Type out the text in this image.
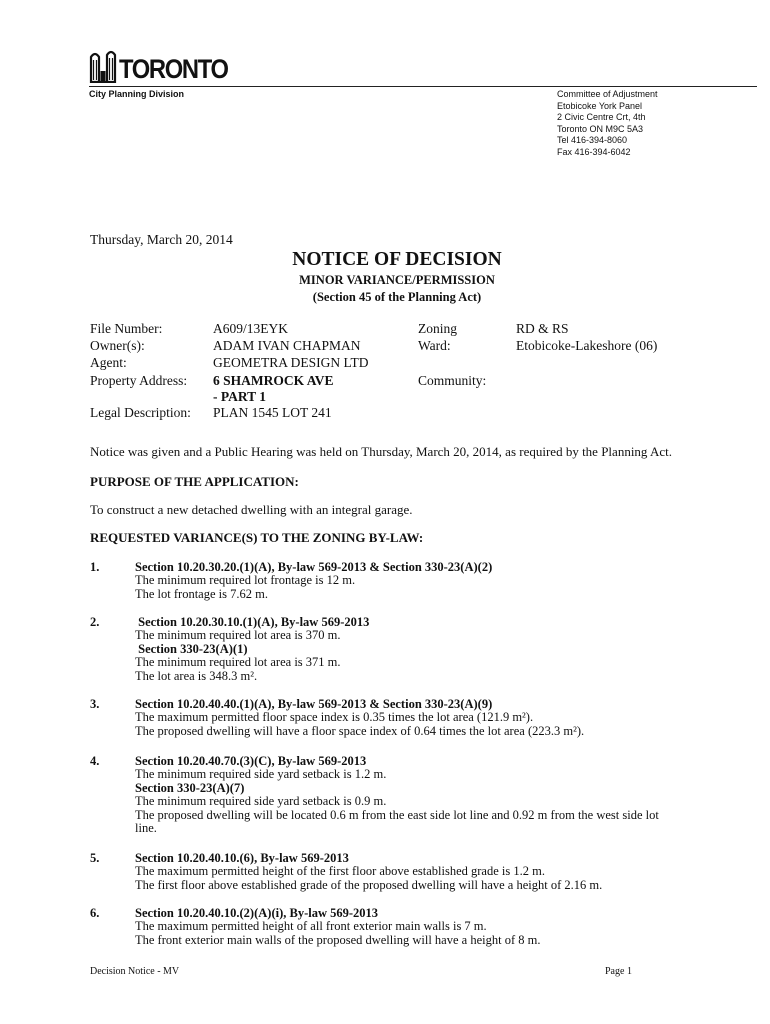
TORONTO
City Planning Division	Committee of Adjustment
Etobicoke York Panel
2 Civic Centre Crt, 4th
Toronto ON M9C 5A3
Tel 416-394-8060
Fax 416-394-6042
Thursday, March 20, 2014
NOTICE OF DECISION
MINOR VARIANCE/PERMISSION
(Section 45 of the Planning Act)
File Number:	A609/13EYK	Zoning	RD & RS
Owner(s):	ADAM IVAN CHAPMAN	Ward:	Etobicoke-Lakeshore (06)
Agent:	GEOMETRA DESIGN LTD
Property Address: 6 SHAMROCK AVE
- PART 1
Community:
Legal Description: PLAN 1545 LOT 241
Notice was given and a Public Hearing was held on Thursday, March 20, 2014, as required by the Planning Act.
PURPOSE OF THE APPLICATION:
To construct a new detached dwelling with an integral garage.
REQUESTED VARIANCE(S) TO THE ZONING BY-LAW:
1.	Section 10.20.30.20.(1)(A), By-law 569-2013 & Section 330-23(A)(2)
The minimum required lot frontage is 12 m.
The lot frontage is 7.62 m.
2.	Section 10.20.30.10.(1)(A), By-law 569-2013
The minimum required lot area is 370 m.
Section 330-23(A)(1)
The minimum required lot area is 371 m.
The lot area is 348.3 m².
3.	Section 10.20.40.40.(1)(A), By-law 569-2013 & Section 330-23(A)(9)
The maximum permitted floor space index is 0.35 times the lot area (121.9 m²).
The proposed dwelling will have a floor space index of 0.64 times the lot area (223.3 m²).
4.	Section 10.20.40.70.(3)(C), By-law 569-2013
The minimum required side yard setback is 1.2 m.
Section 330-23(A)(7)
The minimum required side yard setback is 0.9 m.
The proposed dwelling will be located 0.6 m from the east side lot line and 0.92 m from the west side lot
line.
5.	Section 10.20.40.10.(6), By-law 569-2013
The maximum permitted height of the first floor above established grade is 1.2 m.
The first floor above established grade of the proposed dwelling will have a height of 2.16 m.
6.	Section 10.20.40.10.(2)(A)(i), By-law 569-2013
The maximum permitted height of all front exterior main walls is 7 m.
The front exterior main walls of the proposed dwelling will have a height of 8 m.
Decision Notice - MV	Page 1
